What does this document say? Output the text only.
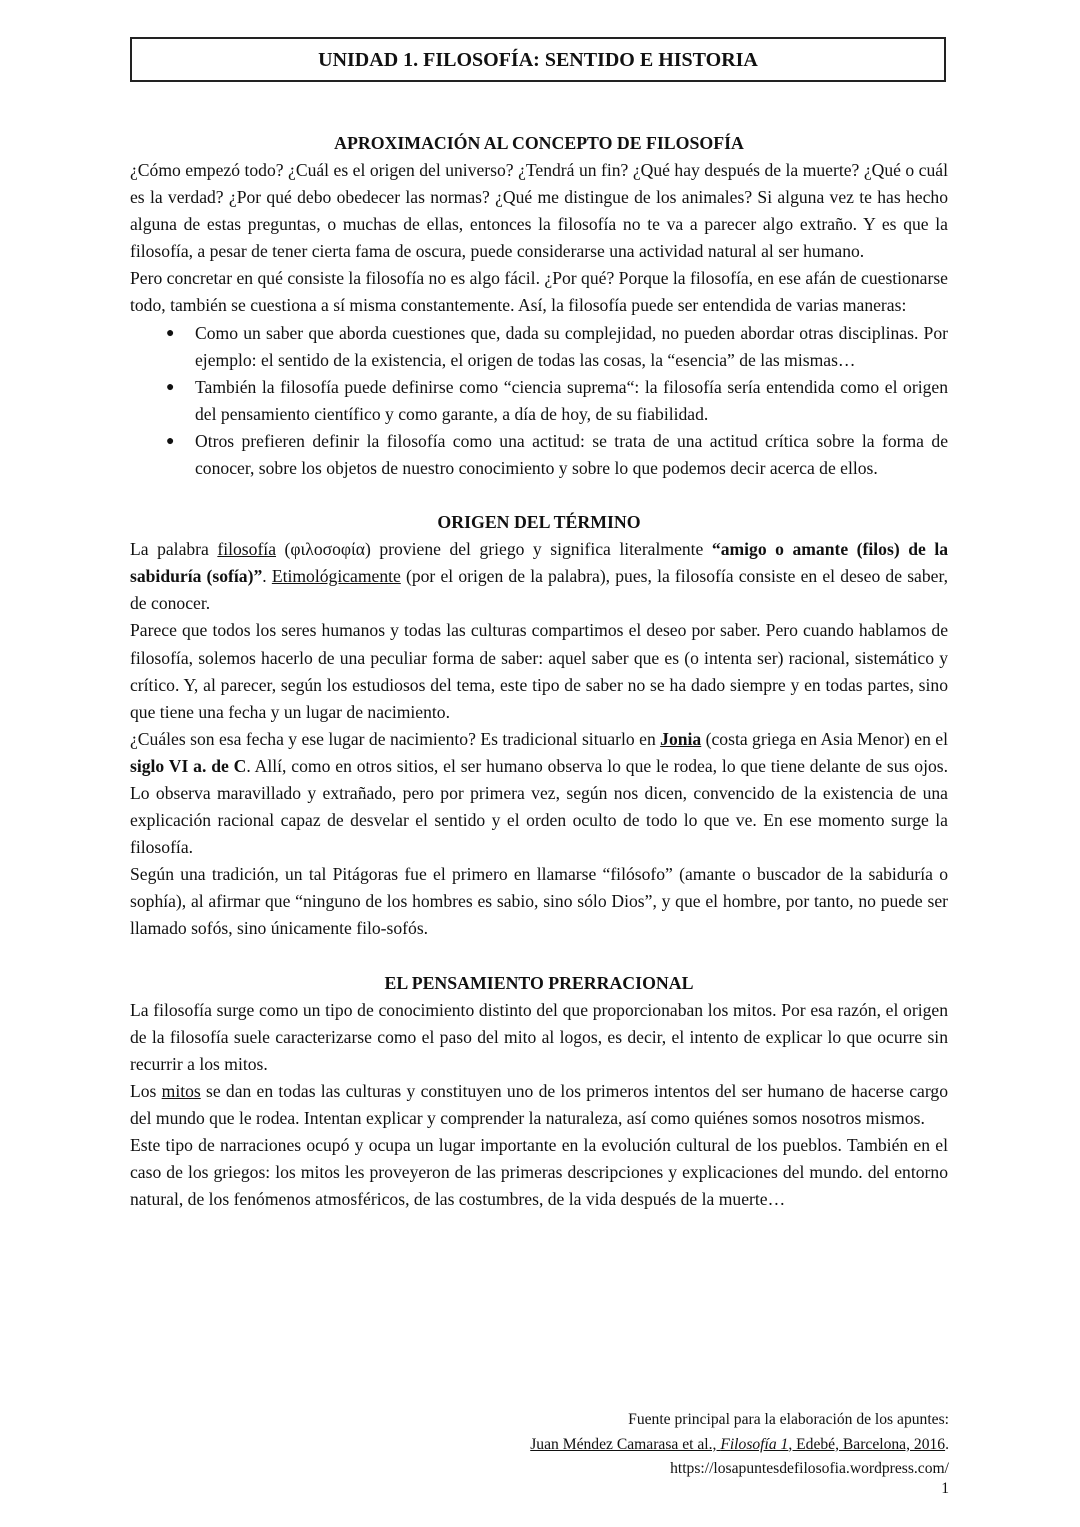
UNIDAD 1. FILOSOFÍA: SENTIDO E HISTORIA
APROXIMACIÓN AL CONCEPTO DE FILOSOFÍA

¿Cómo empezó todo? ¿Cuál es el origen del universo? ¿Tendrá un fin? ¿Qué hay después de la muerte? ¿Qué o cuál es la verdad? ¿Por qué debo obedecer las normas? ¿Qué me distingue de los animales? Si alguna vez te has hecho alguna de estas preguntas, o muchas de ellas, entonces la filosofía no te va a parecer algo extraño. Y es que la filosofía, a pesar de tener cierta fama de oscura, puede considerarse una actividad natural al ser humano.

Pero concretar en qué consiste la filosofía no es algo fácil. ¿Por qué? Porque la filosofía, en ese afán de cuestionarse todo, también se cuestiona a sí misma constantemente. Así, la filosofía puede ser entendida de varias maneras:

● Como un saber que aborda cuestiones que, dada su complejidad, no pueden abordar otras disciplinas. Por ejemplo: el sentido de la existencia, el origen de todas las cosas, la “esencia” de las mismas…
● También la filosofía puede definirse como “ciencia suprema“: la filosofía sería entendida como el origen del pensamiento científico y como garante, a día de hoy, de su fiabilidad.
● Otros prefieren definir la filosofía como una actitud: se trata de una actitud crítica sobre la forma de conocer, sobre los objetos de nuestro conocimiento y sobre lo que podemos decir acerca de ellos.
ORIGEN DEL TÉRMINO

La palabra filosofía (φιλοσοφία) proviene del griego y significa literalmente “amigo o amante (filos) de la sabiduría (sofía)”. Etimológicamente (por el origen de la palabra), pues, la filosofía consiste en el deseo de saber, de conocer.

Parece que todos los seres humanos y todas las culturas compartimos el deseo por saber. Pero cuando hablamos de filosofía, solemos hacerlo de una peculiar forma de saber: aquel saber que es (o intenta ser) racional, sistemático y crítico. Y, al parecer, según los estudiosos del tema, este tipo de saber no se ha dado siempre y en todas partes, sino que tiene una fecha y un lugar de nacimiento.

¿Cuáles son esa fecha y ese lugar de nacimiento? Es tradicional situarlo en Jonia (costa griega en Asia Menor) en el siglo VI a. de C. Allí, como en otros sitios, el ser humano observa lo que le rodea, lo que tiene delante de sus ojos. Lo observa maravillado y extrañado, pero por primera vez, según nos dicen, convencido de la existencia de una explicación racional capaz de desvelar el sentido y el orden oculto de todo lo que ve. En ese momento surge la filosofía.

Según una tradición, un tal Pitágoras fue el primero en llamarse “filósofo” (amante o buscador de la sabiduría o sophía), al afirmar que “ninguno de los hombres es sabio, sino sólo Dios”, y que el hombre, por tanto, no puede ser llamado sofós, sino únicamente filo-sofós.

EL PENSAMIENTO PRERRACIONAL

La filosofía surge como un tipo de conocimiento distinto del que proporcionaban los mitos. Por esa razón, el origen de la filosofía suele caracterizarse como el paso del mito al logos, es decir, el intento de explicar lo que ocurre sin recurrir a los mitos.

Los mitos se dan en todas las culturas y constituyen uno de los primeros intentos del ser humano de hacerse cargo del mundo que le rodea. Intentan explicar y comprender la naturaleza, así como quiénes somos nosotros mismos.

Este tipo de narraciones ocupó y ocupa un lugar importante en la evolución cultural de los pueblos. También en el caso de los griegos: los mitos les proveyeron de las primeras descripciones y explicaciones del mundo. del entorno natural, de los fenómenos atmosféricos, de las costumbres, de la vida después de la muerte…

Fuente principal para la elaboración de los apuntes:
Juan Méndez Camarasa et al., Filosofía 1, Edebé, Barcelona, 2016.
https://losapuntesdefilosofia.wordpress.com/
1
